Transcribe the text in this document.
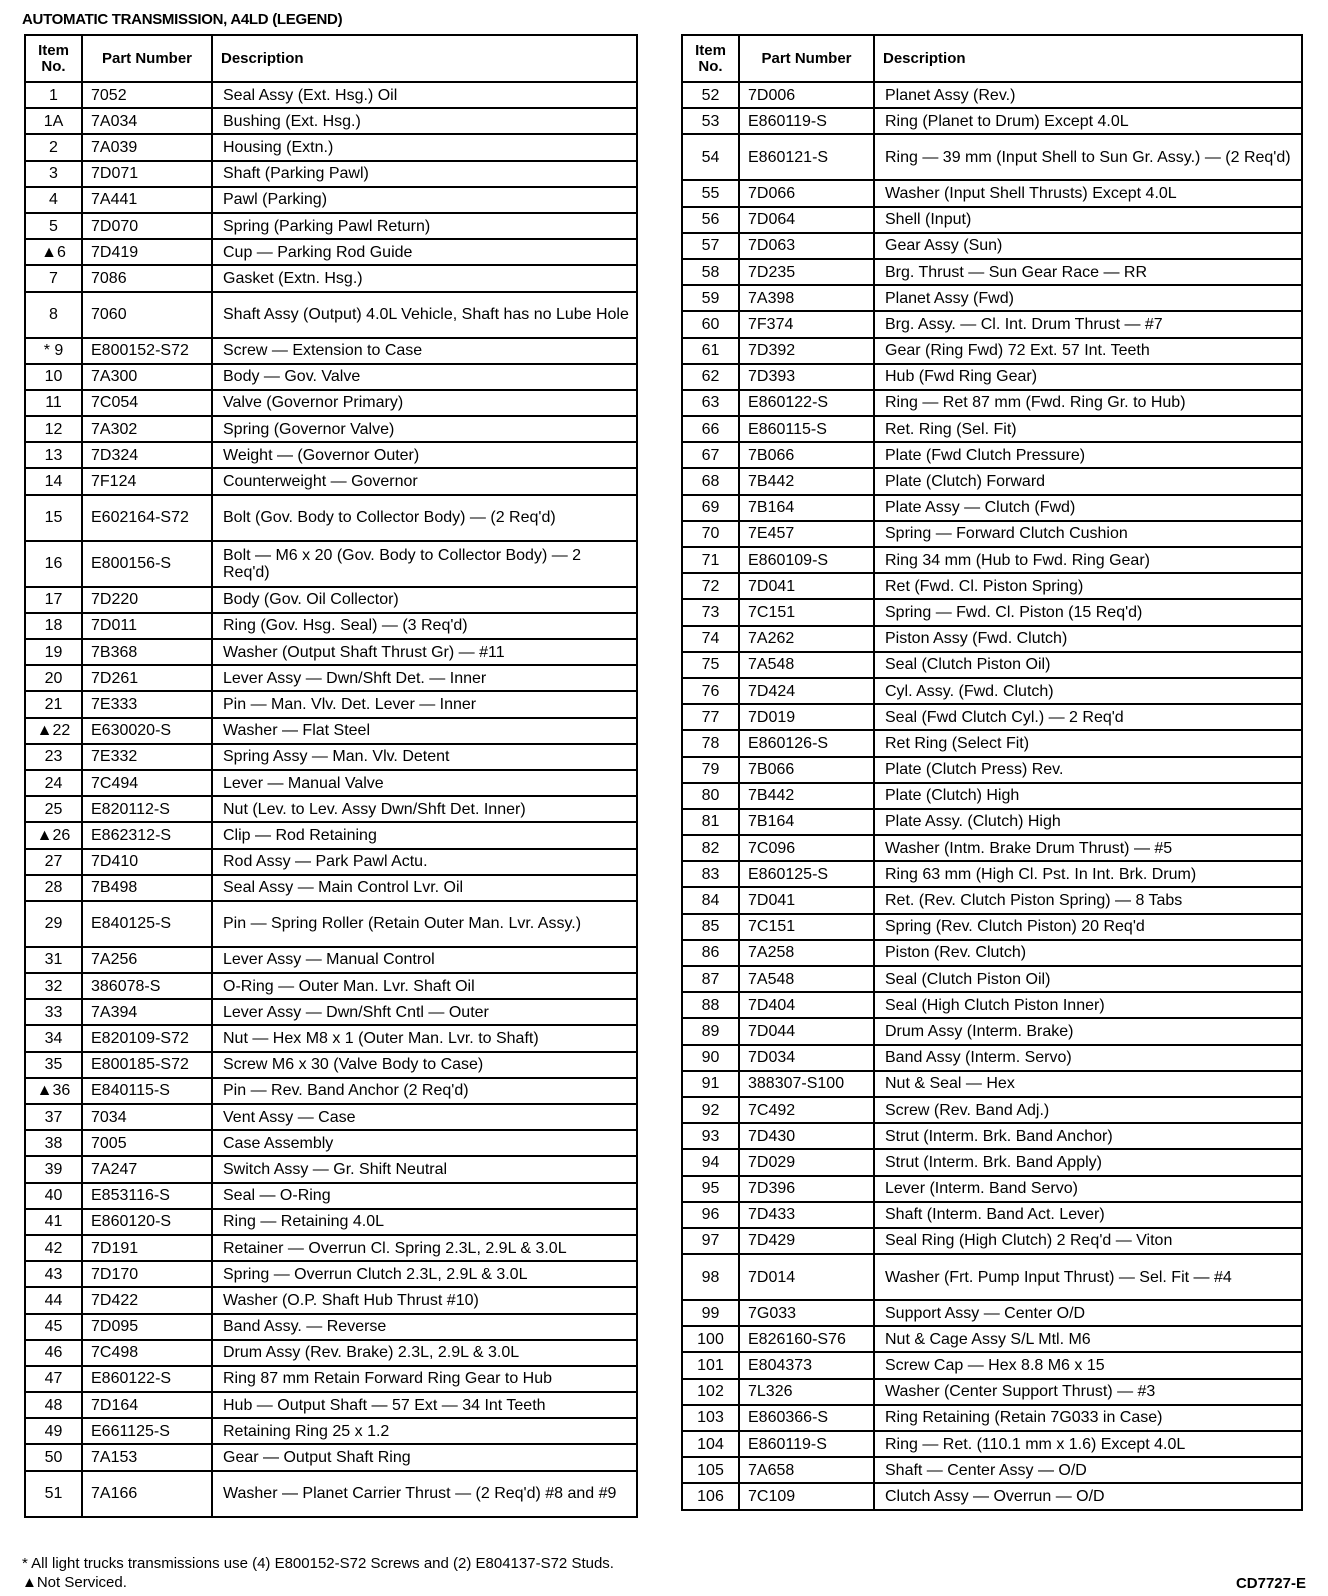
AUTOMATIC TRANSMISSION, A4LD (LEGEND)
Item No.	Part Number	Description
1	7052	Seal Assy (Ext. Hsg.) Oil
1A	7A034	Bushing (Ext. Hsg.)
2	7A039	Housing (Extn.)
3	7D071	Shaft (Parking Pawl)
4	7A441	Pawl (Parking)
5	7D070	Spring (Parking Pawl Return)
▲6	7D419	Cup — Parking Rod Guide
7	7086	Gasket (Extn. Hsg.)
8	7060	Shaft Assy (Output) 4.0L Vehicle, Shaft has no Lube Hole
* 9	E800152-S72	Screw — Extension to Case
10	7A300	Body — Gov. Valve
11	7C054	Valve (Governor Primary)
12	7A302	Spring (Governor Valve)
13	7D324	Weight — (Governor Outer)
14	7F124	Counterweight — Governor
15	E602164-S72	Bolt (Gov. Body to Collector Body) — (2 Req'd)
16	E800156-S	Bolt — M6 x 20 (Gov. Body to Collector Body) — 2 Req'd)
17	7D220	Body (Gov. Oil Collector)
18	7D011	Ring (Gov. Hsg. Seal) — (3 Req'd)
19	7B368	Washer (Output Shaft Thrust Gr) — #11
20	7D261	Lever Assy — Dwn/Shft Det. — Inner
21	7E333	Pin — Man. Vlv. Det. Lever — Inner
▲22	E630020-S	Washer — Flat Steel
23	7E332	Spring Assy — Man. Vlv. Detent
24	7C494	Lever — Manual Valve
25	E820112-S	Nut (Lev. to Lev. Assy Dwn/Shft Det. Inner)
▲26	E862312-S	Clip — Rod Retaining
27	7D410	Rod Assy — Park Pawl Actu.
28	7B498	Seal Assy — Main Control Lvr. Oil
29	E840125-S	Pin — Spring Roller (Retain Outer Man. Lvr. Assy.)
31	7A256	Lever Assy — Manual Control
32	386078-S	O-Ring — Outer Man. Lvr. Shaft Oil
33	7A394	Lever Assy — Dwn/Shft Cntl — Outer
34	E820109-S72	Nut — Hex M8 x 1 (Outer Man. Lvr. to Shaft)
35	E800185-S72	Screw M6 x 30 (Valve Body to Case)
▲36	E840115-S	Pin — Rev. Band Anchor (2 Req'd)
37	7034	Vent Assy — Case
38	7005	Case Assembly
39	7A247	Switch Assy — Gr. Shift Neutral
40	E853116-S	Seal — O-Ring
41	E860120-S	Ring — Retaining 4.0L
42	7D191	Retainer — Overrun Cl. Spring 2.3L, 2.9L & 3.0L
43	7D170	Spring — Overrun Clutch 2.3L, 2.9L & 3.0L
44	7D422	Washer (O.P. Shaft Hub Thrust #10)
45	7D095	Band Assy. — Reverse
46	7C498	Drum Assy (Rev. Brake) 2.3L, 2.9L & 3.0L
47	E860122-S	Ring 87 mm Retain Forward Ring Gear to Hub
48	7D164	Hub — Output Shaft — 57 Ext — 34 Int Teeth
49	E661125-S	Retaining Ring 25 x 1.2
50	7A153	Gear — Output Shaft Ring
51	7A166	Washer — Planet Carrier Thrust — (2 Req'd) #8 and #9
Item No.	Part Number	Description
52	7D006	Planet Assy (Rev.)
53	E860119-S	Ring (Planet to Drum) Except 4.0L
54	E860121-S	Ring — 39 mm (Input Shell to Sun Gr. Assy.) — (2 Req'd)
55	7D066	Washer (Input Shell Thrusts) Except 4.0L
56	7D064	Shell (Input)
57	7D063	Gear Assy (Sun)
58	7D235	Brg. Thrust — Sun Gear Race — RR
59	7A398	Planet Assy (Fwd)
60	7F374	Brg. Assy. — Cl. Int. Drum Thrust — #7
61	7D392	Gear (Ring Fwd) 72 Ext. 57 Int. Teeth
62	7D393	Hub (Fwd Ring Gear)
63	E860122-S	Ring — Ret 87 mm (Fwd. Ring Gr. to Hub)
66	E860115-S	Ret. Ring (Sel. Fit)
67	7B066	Plate (Fwd Clutch Pressure)
68	7B442	Plate (Clutch) Forward
69	7B164	Plate Assy — Clutch (Fwd)
70	7E457	Spring — Forward Clutch Cushion
71	E860109-S	Ring 34 mm (Hub to Fwd. Ring Gear)
72	7D041	Ret (Fwd. Cl. Piston Spring)
73	7C151	Spring — Fwd. Cl. Piston (15 Req'd)
74	7A262	Piston Assy (Fwd. Clutch)
75	7A548	Seal (Clutch Piston Oil)
76	7D424	Cyl. Assy. (Fwd. Clutch)
77	7D019	Seal (Fwd Clutch Cyl.) — 2 Req'd
78	E860126-S	Ret Ring (Select Fit)
79	7B066	Plate (Clutch Press) Rev.
80	7B442	Plate (Clutch) High
81	7B164	Plate Assy. (Clutch) High
82	7C096	Washer (Intm. Brake Drum Thrust) — #5
83	E860125-S	Ring 63 mm (High Cl. Pst. In Int. Brk. Drum)
84	7D041	Ret. (Rev. Clutch Piston Spring) — 8 Tabs
85	7C151	Spring (Rev. Clutch Piston) 20 Req'd
86	7A258	Piston (Rev. Clutch)
87	7A548	Seal (Clutch Piston Oil)
88	7D404	Seal (High Clutch Piston Inner)
89	7D044	Drum Assy (Interm. Brake)
90	7D034	Band Assy (Interm. Servo)
91	388307-S100	Nut & Seal — Hex
92	7C492	Screw (Rev. Band Adj.)
93	7D430	Strut (Interm. Brk. Band Anchor)
94	7D029	Strut (Interm. Brk. Band Apply)
95	7D396	Lever (Interm. Band Servo)
96	7D433	Shaft (Interm. Band Act. Lever)
97	7D429	Seal Ring (High Clutch) 2 Req'd — Viton
98	7D014	Washer (Frt. Pump Input Thrust) — Sel. Fit — #4
99	7G033	Support Assy — Center O/D
100	E826160-S76	Nut & Cage Assy S/L Mtl. M6
101	E804373	Screw Cap — Hex 8.8 M6 x 15
102	7L326	Washer (Center Support Thrust) — #3
103	E860366-S	Ring Retaining (Retain 7G033 in Case)
104	E860119-S	Ring — Ret. (110.1 mm x 1.6) Except 4.0L
105	7A658	Shaft — Center Assy — O/D
106	7C109	Clutch Assy — Overrun — O/D
* All light trucks transmissions use (4) E800152-S72 Screws and (2) E804137-S72 Studs.
▲Not Serviced.	CD7727-E
